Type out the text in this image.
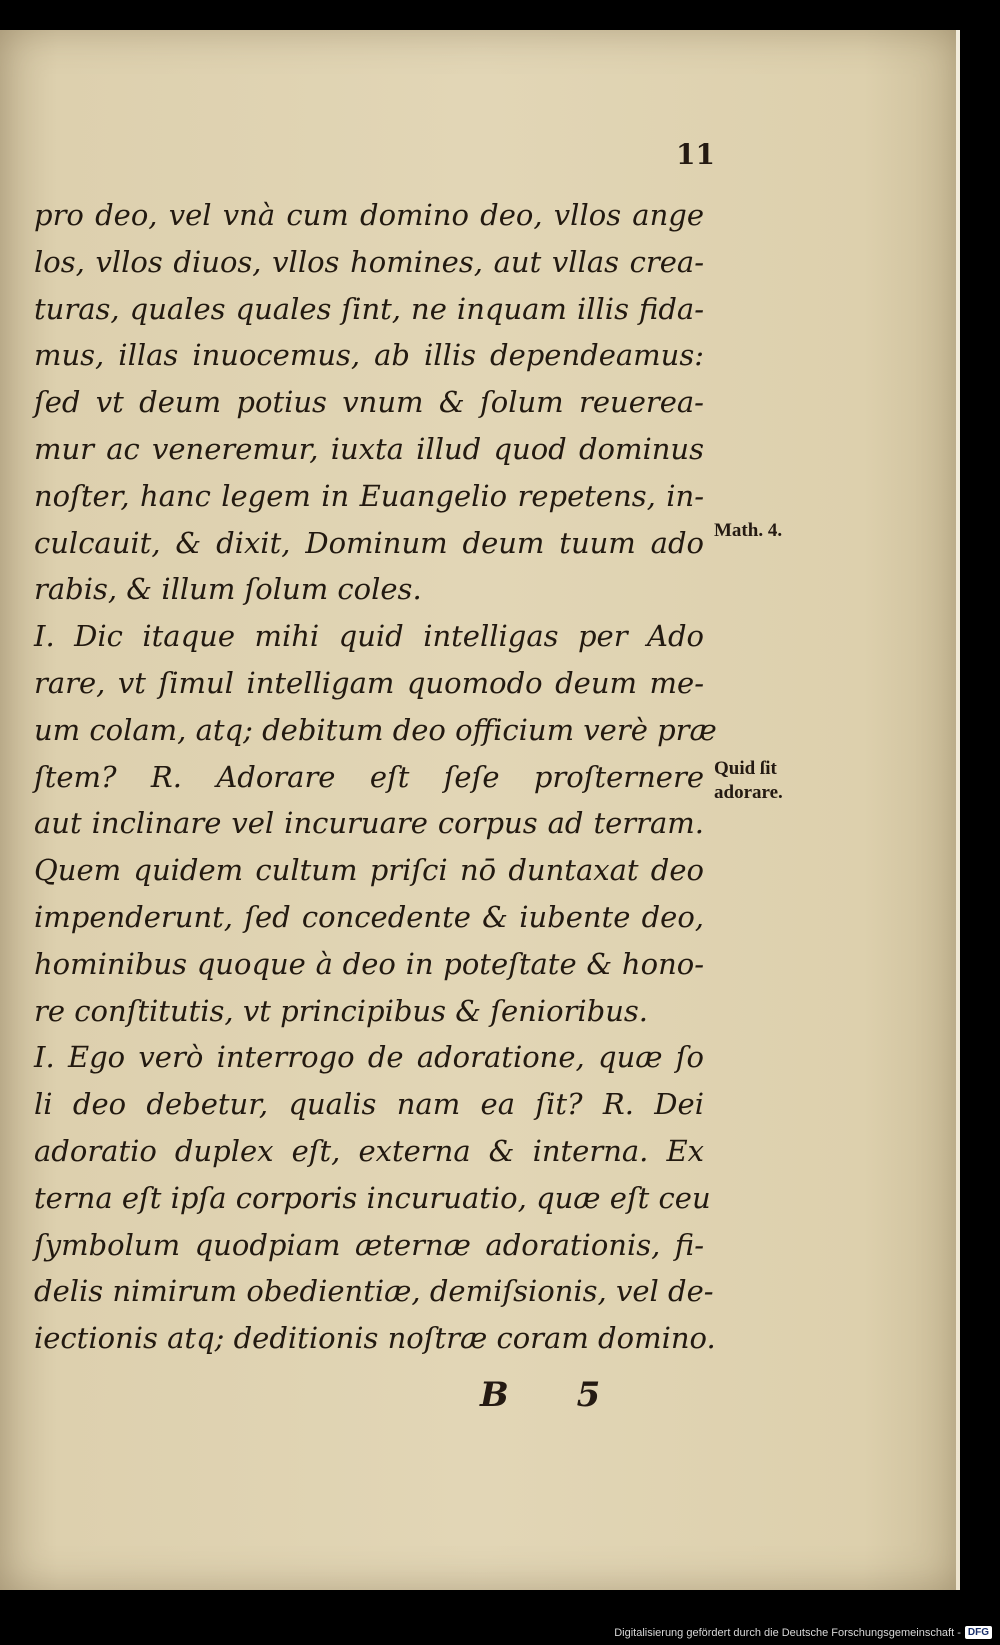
11
pro deo, vel vnà cum domino deo, vllos ange
los, vllos diuos, vllos homines, aut vllas crea-
turas, quales quales ſint, ne inquam illis fida-
mus, illas inuocemus, ab illis dependeamus:
ſed vt deum potius vnum & ſolum reuerea-
mur ac veneremur, iuxta illud quod dominus
noſter, hanc legem in Euangelio repetens, in-
culcauit, & dixit, Dominum deum tuum ado
rabis, & illum ſolum coles.
I. Dic itaque mihi quid intelligas per Ado
rare, vt ſimul intelligam quomodo deum me-
um colam, atq; debitum deo officium verè præ
ſtem? R. Adorare eſt ſeſe proſternere
aut inclinare vel incuruare corpus ad terram.
Quem quidem cultum priſci nō duntaxat deo
impenderunt, ſed concedente & iubente deo,
hominibus quoque à deo in poteſtate & hono-
re conſtitutis, vt principibus & ſenioribus.
I. Ego verò interrogo de adoratione, quæ ſo
li deo debetur, qualis nam ea ſit? R. Dei
adoratio duplex eſt, externa & interna. Ex
terna eſt ipſa corporis incuruatio, quæ eſt ceu
ſymbolum quodpiam æternæ adorationis, fi-
delis nimirum obedientiæ, demiſsionis, vel de-
iectionis atq; deditionis noſtræ coram domino.
Math. 4.
Quid ſit
adorare.
B 5
Digitalisierung gefördert durch die Deutsche Forschungsgemeinschaft - DFG
